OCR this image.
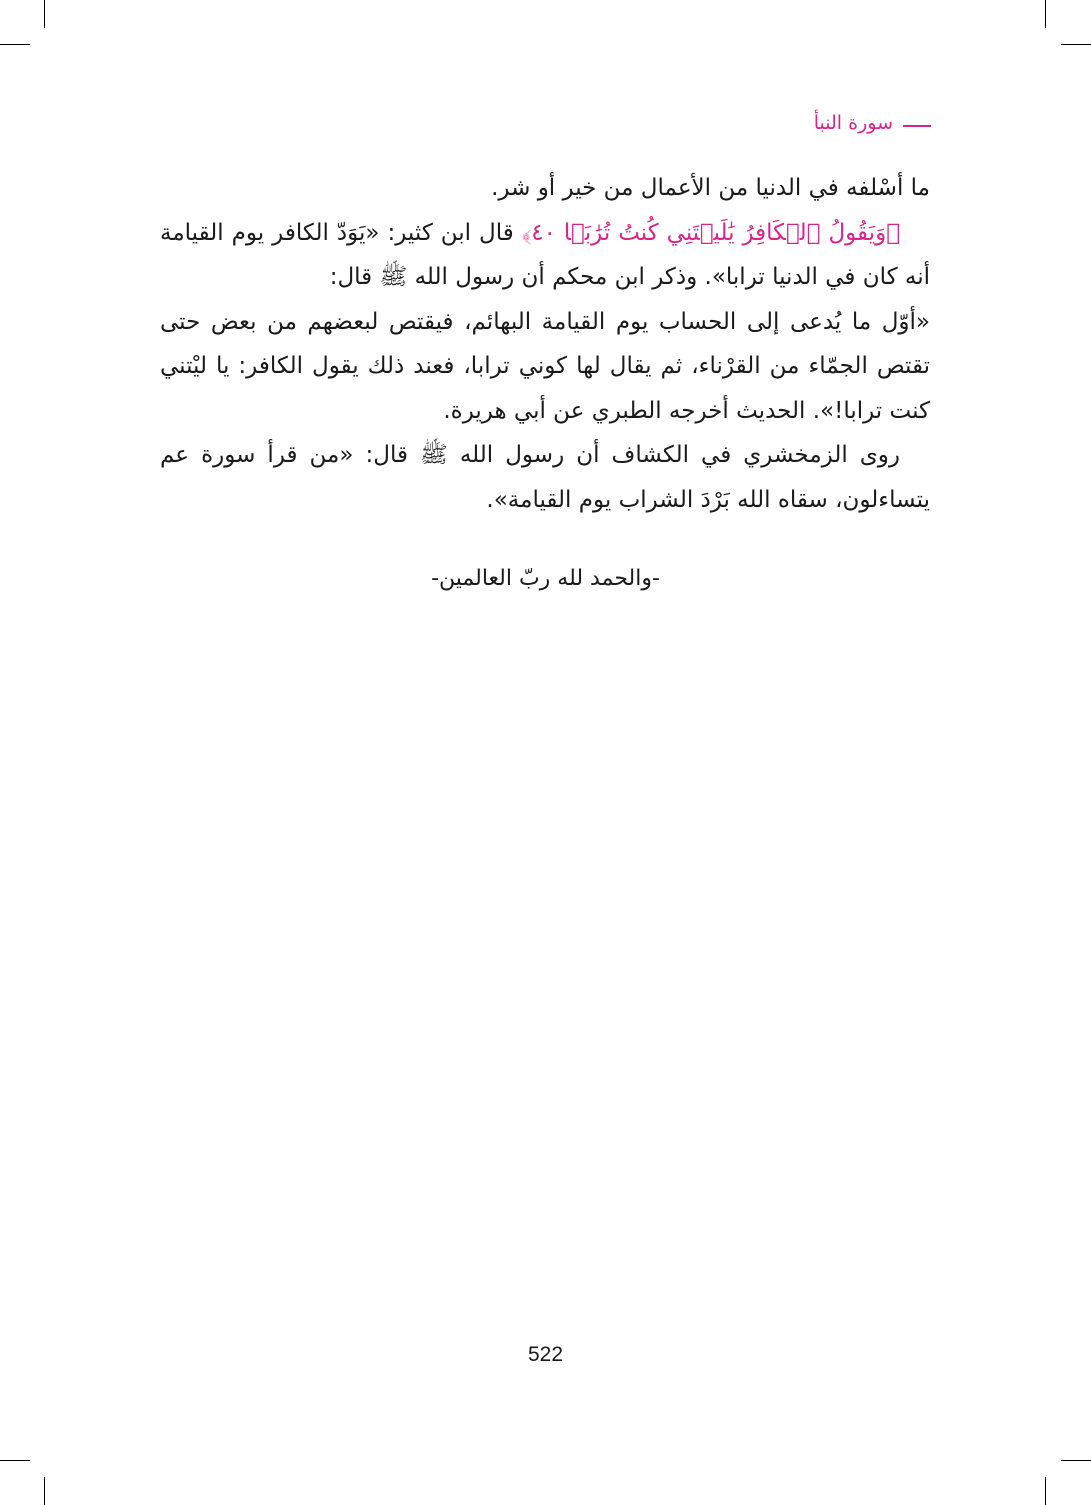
سورة النبأ

ما أسْلفه في الدنيا من الأعمال من خير أو شر.

﴿وَيَقُولُ ٱلۡكَافِرُ يَٰلَيۡتَنِي كُنتُ تُرَٰبَۢا ٤٠﴾ قال ابن كثير: «يَوَدّ الكافر يوم القيامة أنه كان في الدنيا ترابا». وذكر ابن محكم أن رسول الله ﷺ قال:

«أوّل ما يُدعى إلى الحساب يوم القيامة البهائم، فيقتص لبعضهم من بعض حتى تقتص الجمّاء من القرْناء، ثم يقال لها كوني ترابا، فعند ذلك يقول الكافر: يا ليْتني كنت ترابا!». الحديث أخرجه الطبري عن أبي هريرة.

روى الزمخشري في الكشاف أن رسول الله ﷺ قال: «من قرأ سورة عم يتساءلون، سقاه الله بَرْدَ الشراب يوم القيامة».

-والحمد لله ربّ العالمين-
522
